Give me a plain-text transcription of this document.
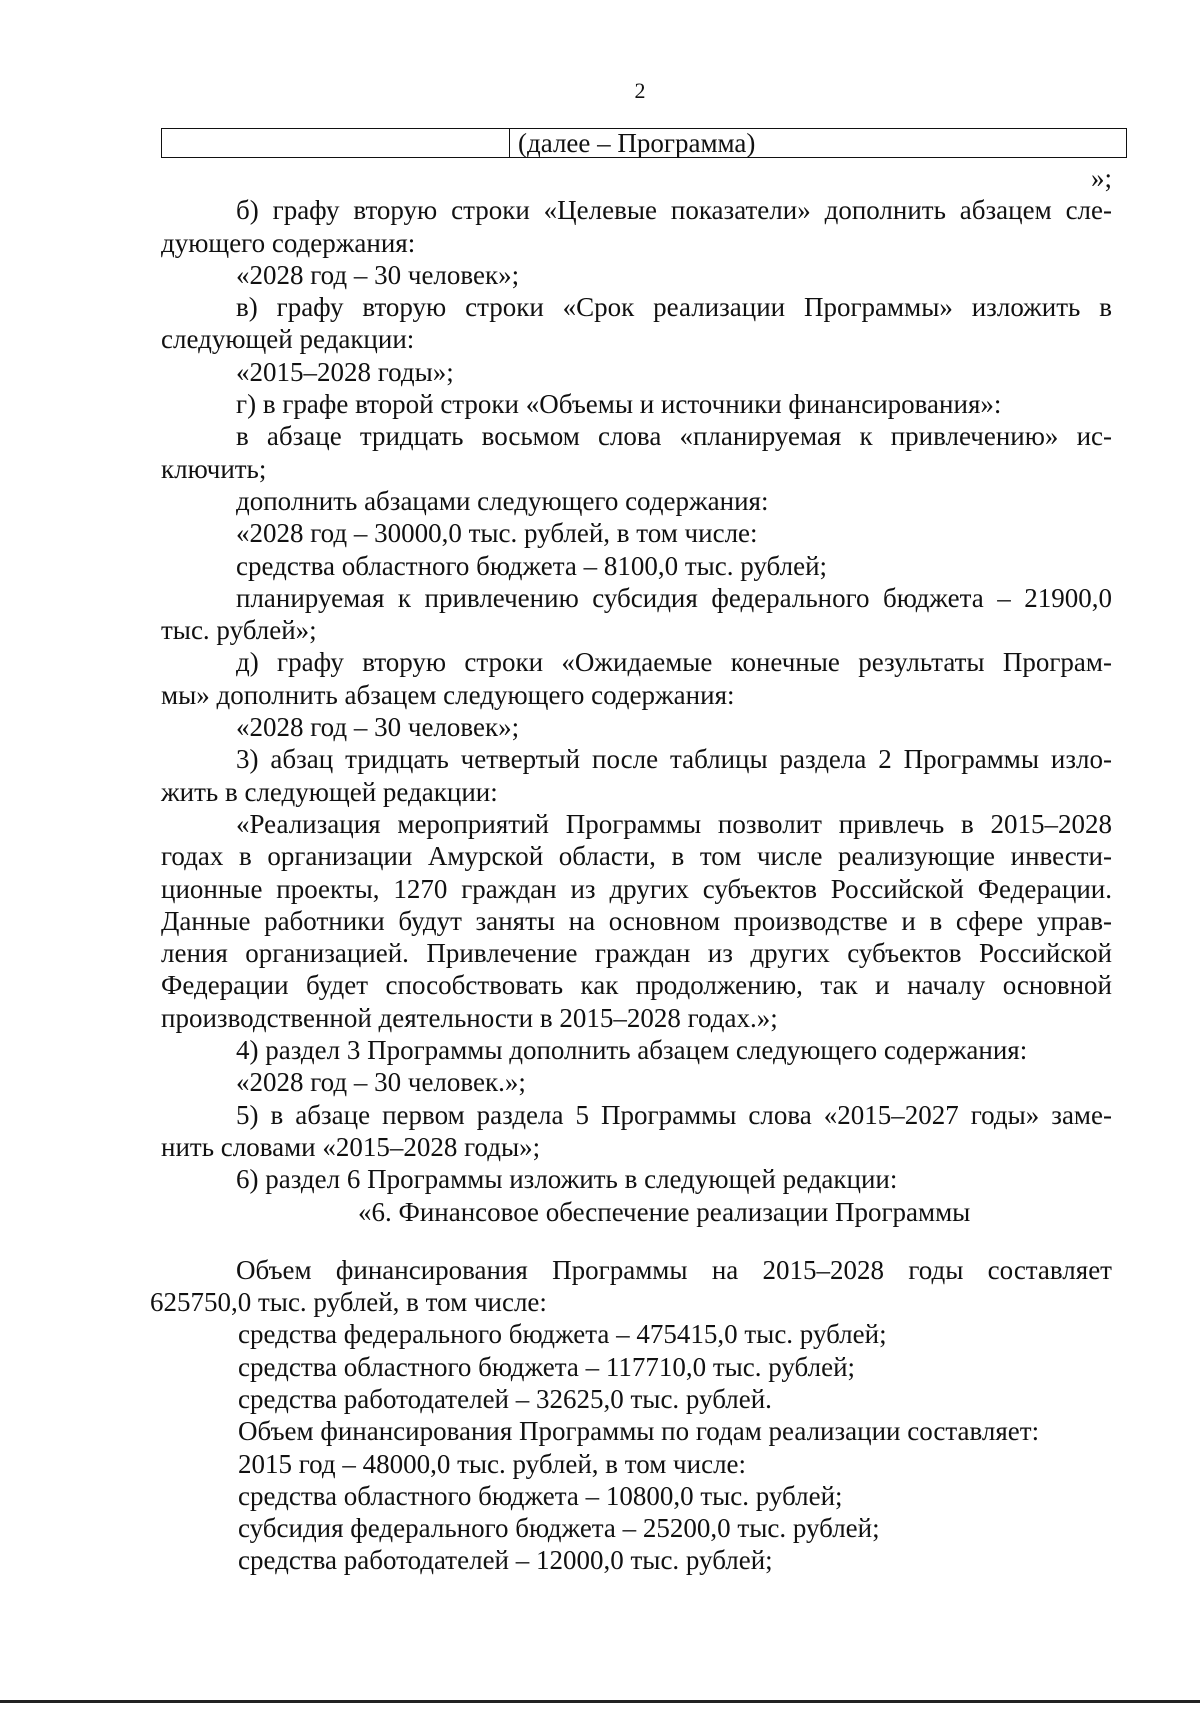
2
(далее – Программа)
»;
б) графу вторую строки «Целевые показатели» дополнить абзацем сле-
дующего содержания:
«2028 год – 30 человек»;
в) графу вторую строки «Срок реализации Программы» изложить в
следующей редакции:
«2015–2028 годы»;
г) в графе второй строки «Объемы и источники финансирования»:
в абзаце тридцать восьмом слова «планируемая к привлечению» ис-
ключить;
дополнить абзацами следующего содержания:
«2028 год – 30000,0 тыс. рублей, в том числе:
средства областного бюджета – 8100,0 тыс. рублей;
планируемая к привлечению субсидия федерального бюджета – 21900,0
тыс. рублей»;
д) графу вторую строки «Ожидаемые конечные результаты Програм-
мы» дополнить абзацем следующего содержания:
«2028 год – 30 человек»;
3) абзац тридцать четвертый после таблицы раздела 2 Программы изло-
жить в следующей редакции:
«Реализация мероприятий Программы позволит привлечь в 2015–2028
годах в организации Амурской области, в том числе реализующие инвести-
ционные проекты, 1270 граждан из других субъектов Российской Федерации.
Данные работники будут заняты на основном производстве и в сфере управ-
ления организацией. Привлечение граждан из других субъектов Российской
Федерации будет способствовать как продолжению, так и началу основной
производственной деятельности в 2015–2028 годах.»;
4) раздел 3 Программы дополнить абзацем следующего содержания:
«2028 год – 30 человек.»;
5) в абзаце первом раздела 5 Программы слова «2015–2027 годы» заме-
нить словами «2015–2028 годы»;
6) раздел 6 Программы изложить в следующей редакции:
«6. Финансовое обеспечение реализации Программы
Объем финансирования Программы на 2015–2028 годы составляет
625750,0 тыс. рублей, в том числе:
средства федерального бюджета – 475415,0 тыс. рублей;
средства областного бюджета – 117710,0 тыс. рублей;
средства работодателей – 32625,0 тыс. рублей.
Объем финансирования Программы по годам реализации составляет:
2015 год – 48000,0 тыс. рублей, в том числе:
средства областного бюджета – 10800,0 тыс. рублей;
субсидия федерального бюджета – 25200,0 тыс. рублей;
средства работодателей – 12000,0 тыс. рублей;
